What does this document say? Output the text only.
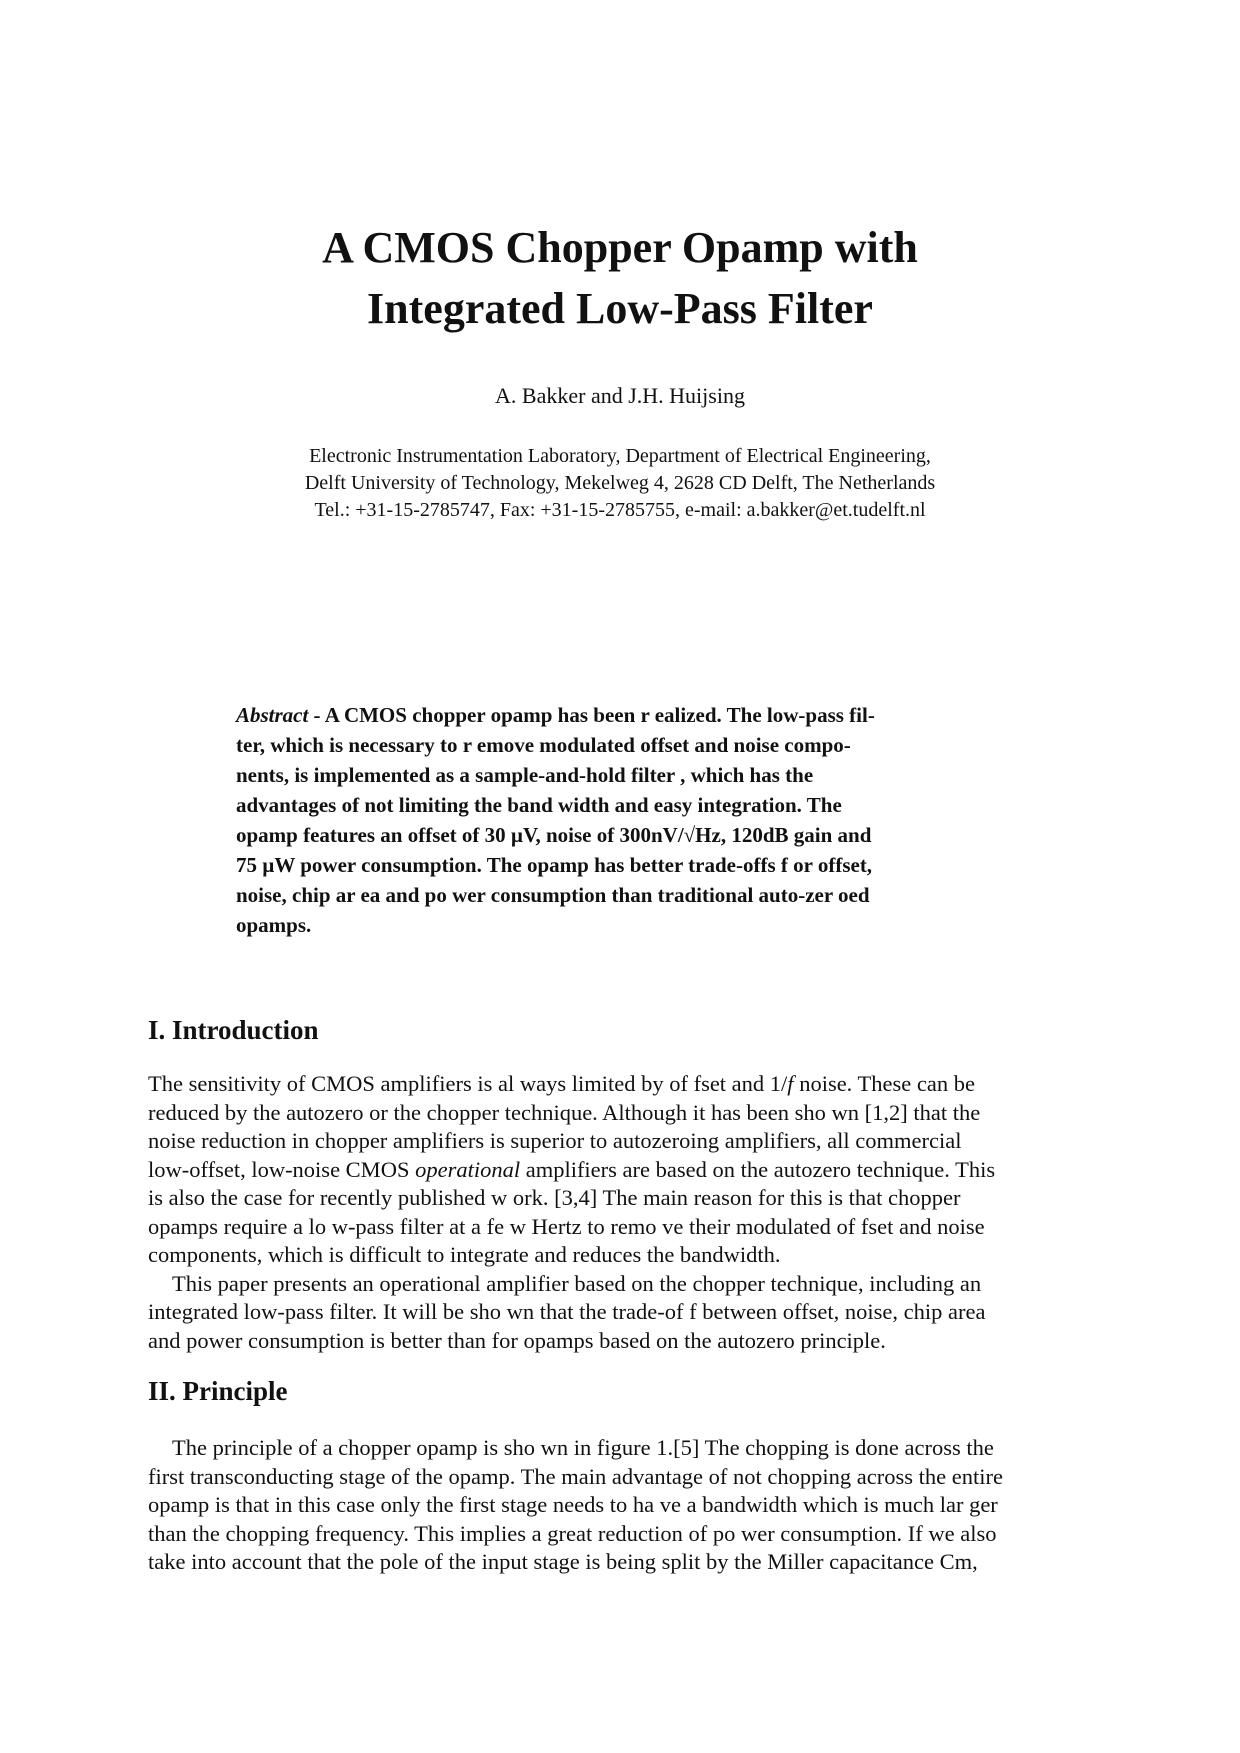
A CMOS Chopper Opamp with
Integrated Low-Pass Filter
A. Bakker and J.H. Huijsing
Electronic Instrumentation Laboratory, Department of Electrical Engineering,
Delft University of Technology, Mekelweg 4, 2628 CD Delft, The Netherlands
Tel.: +31-15-2785747, Fax: +31-15-2785755, e-mail: a.bakker@et.tudelft.nl
Abstract - A CMOS chopper opamp has been r ealized. The low-pass fil-
ter, which is necessary to r emove modulated offset and noise compo-
nents, is implemented as a sample-and-hold filter , which has the
advantages of not limiting the band width and easy integration. The
opamp features an offset of 30 µV, noise of 300nV/√Hz, 120dB gain and
75 µW power consumption. The opamp has better trade-offs f or offset,
noise, chip ar ea and po wer consumption than traditional auto-zer oed
opamps.
I. Introduction
The sensitivity of CMOS amplifiers is al ways limited by of fset and 1/f noise. These can be
reduced by the autozero or the chopper technique. Although it has been sho wn [1,2] that the
noise reduction in chopper amplifiers is superior to autozeroing amplifiers, all commercial
low-offset, low-noise CMOS operational amplifiers are based on the autozero technique. This
is also the case for recently published w ork. [3,4] The main reason for this is that chopper
opamps require a lo w-pass filter at a fe w Hertz to remo ve their modulated of fset and noise
components, which is difficult to integrate and reduces the bandwidth.
This paper presents an operational amplifier based on the chopper technique, including an
integrated low-pass filter. It will be sho wn that the trade-of f between offset, noise, chip area
and power consumption is better than for opamps based on the autozero principle.
II. Principle
The principle of a chopper opamp is sho wn in figure 1.[5] The chopping is done across the
first transconducting stage of the opamp. The main advantage of not chopping across the entire
opamp is that in this case only the first stage needs to ha ve a bandwidth which is much lar ger
than the chopping frequency. This implies a great reduction of po wer consumption. If we also
take into account that the pole of the input stage is being split by the Miller capacitance Cm,
